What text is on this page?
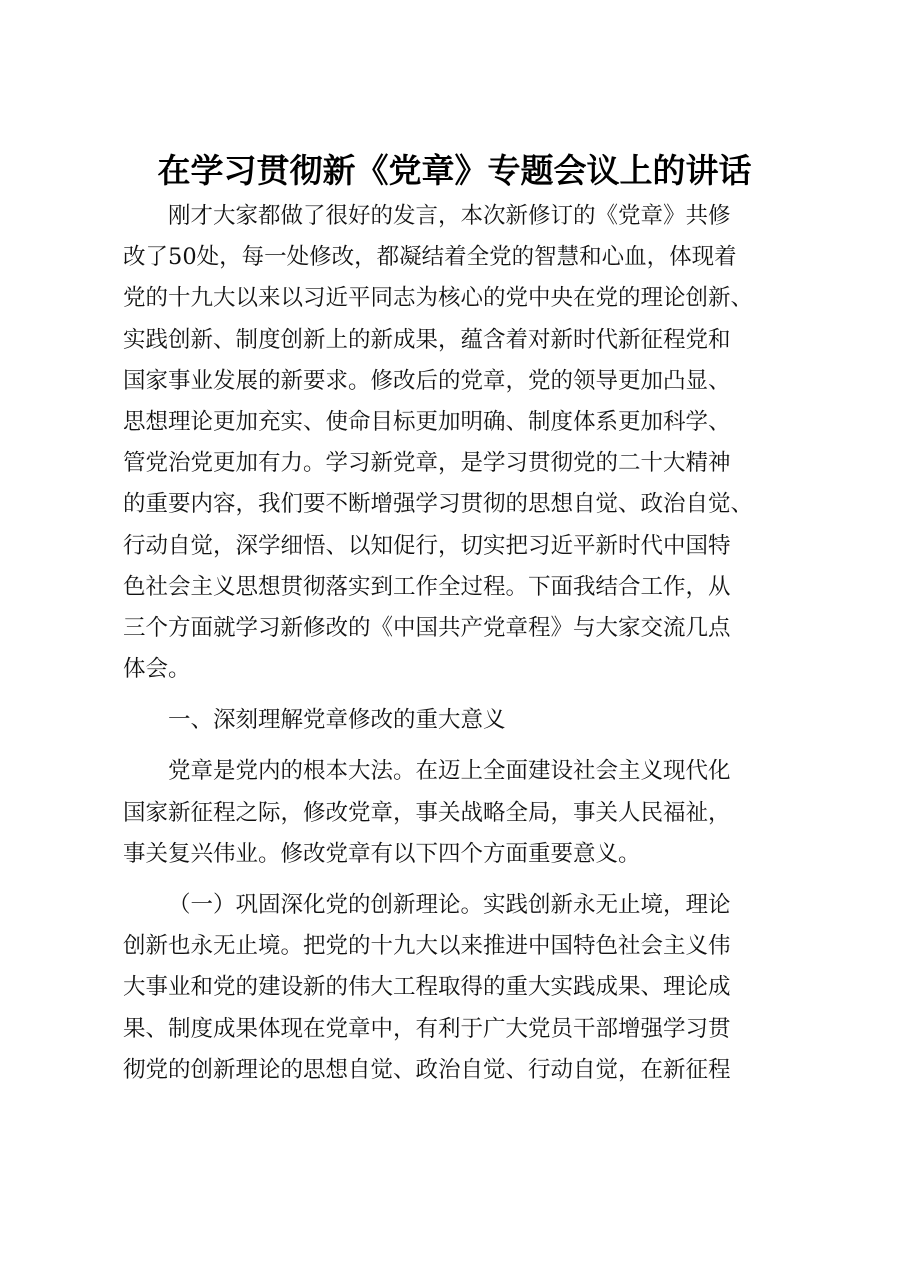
在学习贯彻新《党章》专题会议上的讲话

刚才大家都做了很好的发言，本次新修订的《党章》共修
改了50处，每一处修改，都凝结着全党的智慧和心血，体现着
党的十九大以来以习近平同志为核心的党中央在党的理论创新、
实践创新、制度创新上的新成果，蕴含着对新时代新征程党和
国家事业发展的新要求。修改后的党章，党的领导更加凸显、
思想理论更加充实、使命目标更加明确、制度体系更加科学、
管党治党更加有力。学习新党章，是学习贯彻党的二十大精神
的重要内容，我们要不断增强学习贯彻的思想自觉、政治自觉、
行动自觉，深学细悟、以知促行，切实把习近平新时代中国特
色社会主义思想贯彻落实到工作全过程。下面我结合工作，从
三个方面就学习新修改的《中国共产党章程》与大家交流几点
体会。

一、深刻理解党章修改的重大意义

党章是党内的根本大法。在迈上全面建设社会主义现代化
国家新征程之际，修改党章，事关战略全局，事关人民福祉，
事关复兴伟业。修改党章有以下四个方面重要意义。

（一）巩固深化党的创新理论。实践创新永无止境，理论
创新也永无止境。把党的十九大以来推进中国特色社会主义伟
大事业和党的建设新的伟大工程取得的重大实践成果、理论成
果、制度成果体现在党章中，有利于广大党员干部增强学习贯
彻党的创新理论的思想自觉、政治自觉、行动自觉，在新征程
